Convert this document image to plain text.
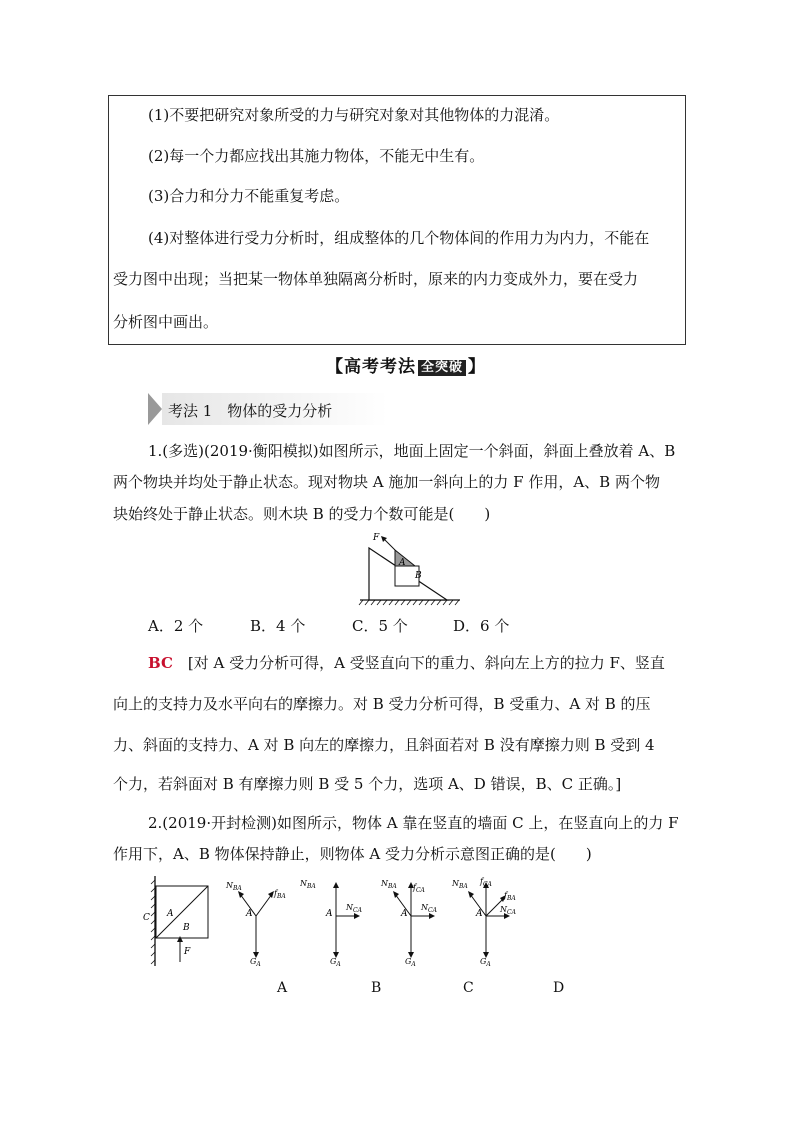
(1)不要把研究对象所受的力与研究对象对其他物体的力混淆。
(2)每一个力都应找出其施力物体，不能无中生有。
(3)合力和分力不能重复考虑。
(4)对整体进行受力分析时，组成整体的几个物体间的作用力为内力，不能在
受力图中出现；当把某一物体单独隔离分析时，原来的内力变成外力，要在受力
分析图中画出。
【高考考法 全突破 】
考法 1　物体的受力分析
1.(多选)(2019·衡阳模拟)如图所示，地面上固定一个斜面，斜面上叠放着 A、B
两个物块并均处于静止状态。现对物块 A 施加一斜向上的力 F 作用，A、B 两个物
块始终处于静止状态。则木块 B 的受力个数可能是(　　)
F
A
B
A．2 个	B．4 个	C．5 个	D．6 个
BC　[对 A 受力分析可得，A 受竖直向下的重力、斜向左上方的拉力 F、竖直
向上的支持力及水平向右的摩擦力。对 B 受力分析可得，B 受重力、A 对 B 的压
力、斜面的支持力、A 对 B 向左的摩擦力，且斜面若对 B 没有摩擦力则 B 受到 4
个力，若斜面对 B 有摩擦力则 B 受 5 个力，选项 A、D 错误，B、C 正确。]
2.(2019·开封检测)如图所示，物体 A 靠在竖直的墙面 C 上，在竖直向上的力 F
作用下，A、B 物体保持静止，则物体 A 受力分析示意图正确的是(　　)
C A
B
F
A
$N_{BA}$
$f_{BA}$
$G_A$
A
$N_{BA}$
$N_{CA}$
$G_A$
A
$N_{BA}$ $f_{CA}$
$N_{CA}$
$G_A$
A
$N_{BA}$
$f_{CA}$
$f_{BA}$
$N_{CA}$
$G_A$
A	B	C	D
